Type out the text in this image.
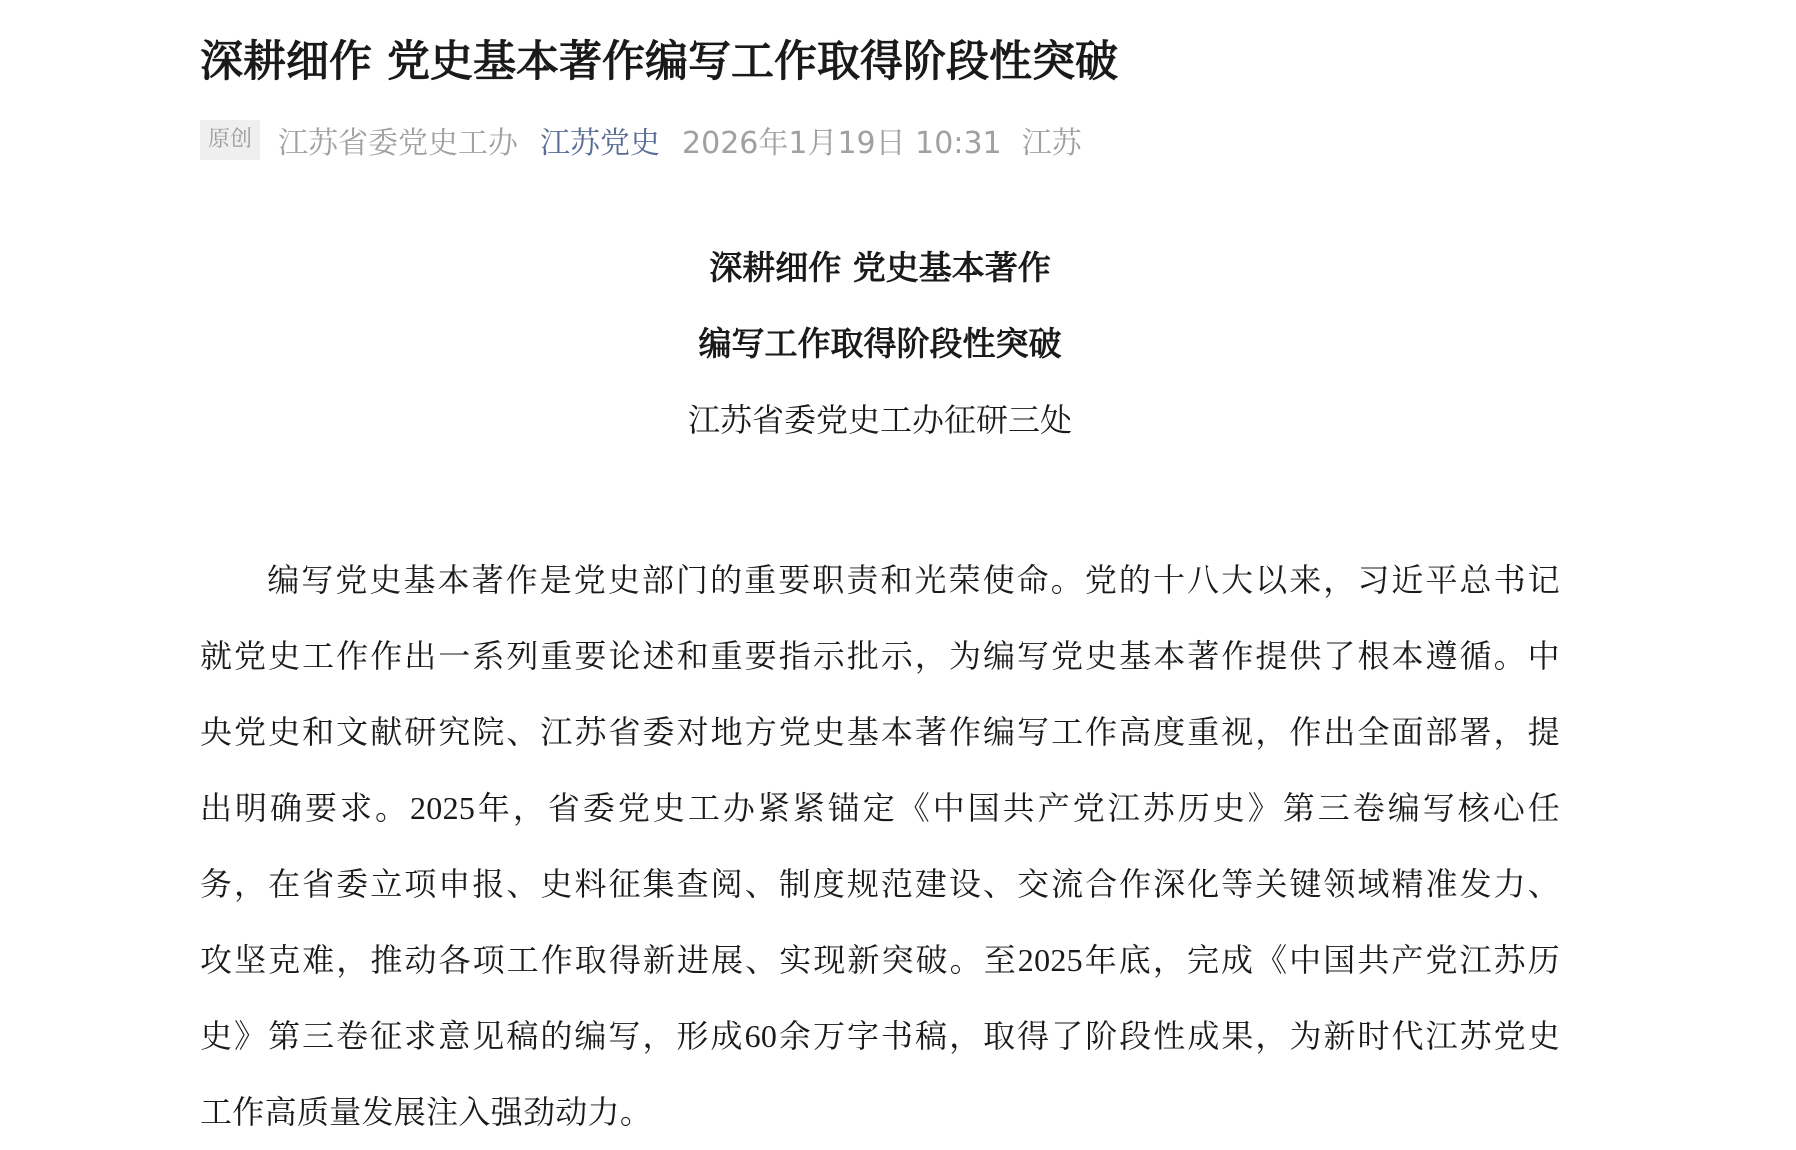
深耕细作 党史基本著作编写工作取得阶段性突破
原创 江苏省委党史工办 江苏党史 2026年1月19日 10:31 江苏

深耕细作 党史基本著作

编写工作取得阶段性突破

江苏省委党史工办征研三处

编写党史基本著作是党史部门的重要职责和光荣使命。党的十八大以来，习近平总书记
就党史工作作出一系列重要论述和重要指示批示，为编写党史基本著作提供了根本遵循。中
央党史和文献研究院、江苏省委对地方党史基本著作编写工作高度重视，作出全面部署，提
出明确要求。2025年，省委党史工办紧紧锚定《中国共产党江苏历史》第三卷编写核心任
务，在省委立项申报、史料征集查阅、制度规范建设、交流合作深化等关键领域精准发力、
攻坚克难，推动各项工作取得新进展、实现新突破。至2025年底，完成《中国共产党江苏历
史》第三卷征求意见稿的编写，形成60余万字书稿，取得了阶段性成果，为新时代江苏党史
工作高质量发展注入强劲动力。
